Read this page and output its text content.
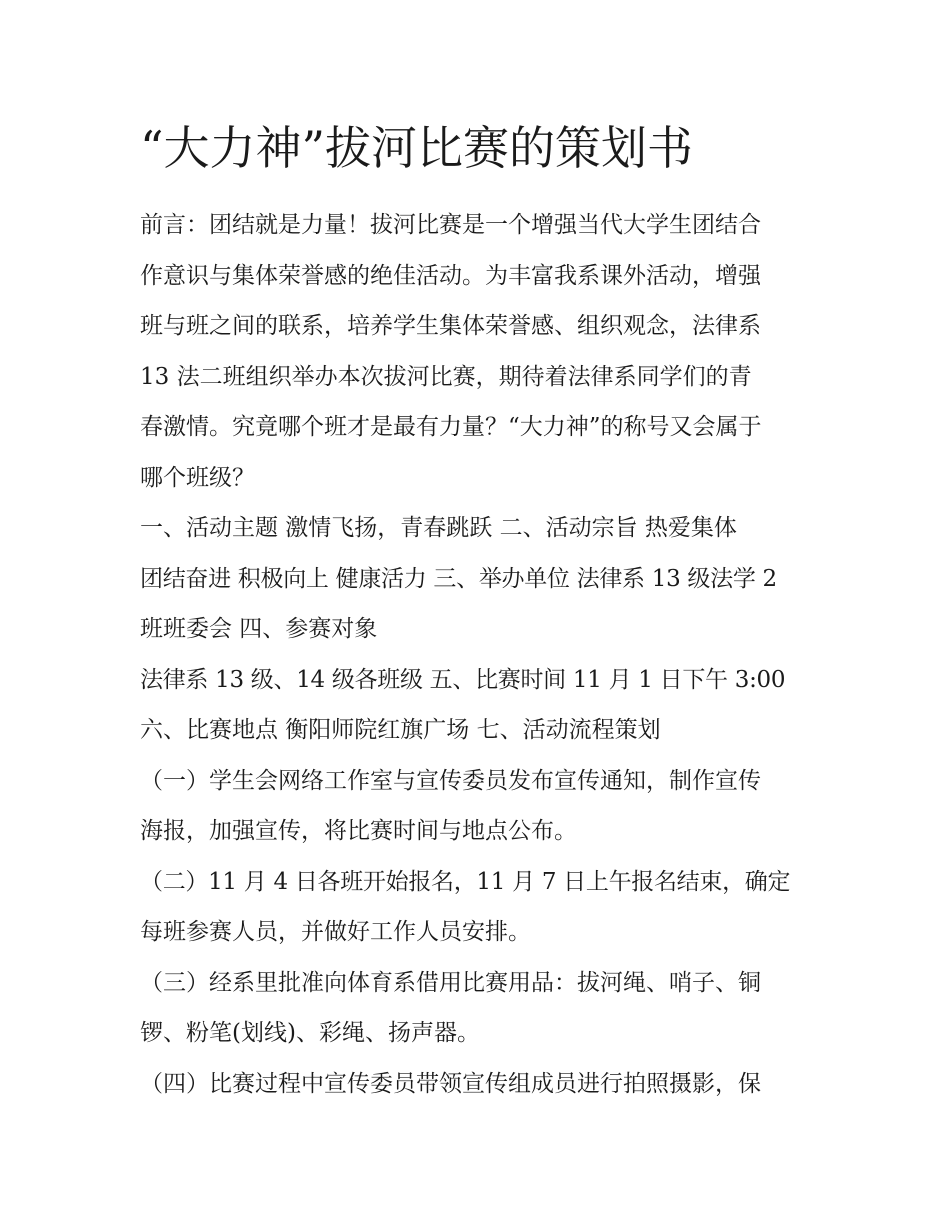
“大力神”拔河比赛的策划书
前言：团结就是力量！拔河比赛是一个增强当代大学生团结合
作意识与集体荣誉感的绝佳活动。为丰富我系课外活动，增强
班与班之间的联系，培养学生集体荣誉感、组织观念，法律系
13 法二班组织举办本次拔河比赛，期待着法律系同学们的青
春激情。究竟哪个班才是最有力量？“大力神”的称号又会属于
哪个班级？
一、活动主题 激情飞扬，青春跳跃 二、活动宗旨 热爱集体
团结奋进 积极向上 健康活力 三、举办单位 法律系 13 级法学 2
班班委会 四、参赛对象
法律系 13 级、14 级各班级 五、比赛时间 11 月 1 日下午 3:00
六、比赛地点 衡阳师院红旗广场 七、活动流程策划
（一）学生会网络工作室与宣传委员发布宣传通知，制作宣传
海报，加强宣传，将比赛时间与地点公布。
（二）11 月 4 日各班开始报名，11 月 7 日上午报名结束，确定
每班参赛人员，并做好工作人员安排。
（三）经系里批准向体育系借用比赛用品：拔河绳、哨子、铜
锣、粉笔(划线)、彩绳、扬声器。
（四）比赛过程中宣传委员带领宣传组成员进行拍照摄影，保
